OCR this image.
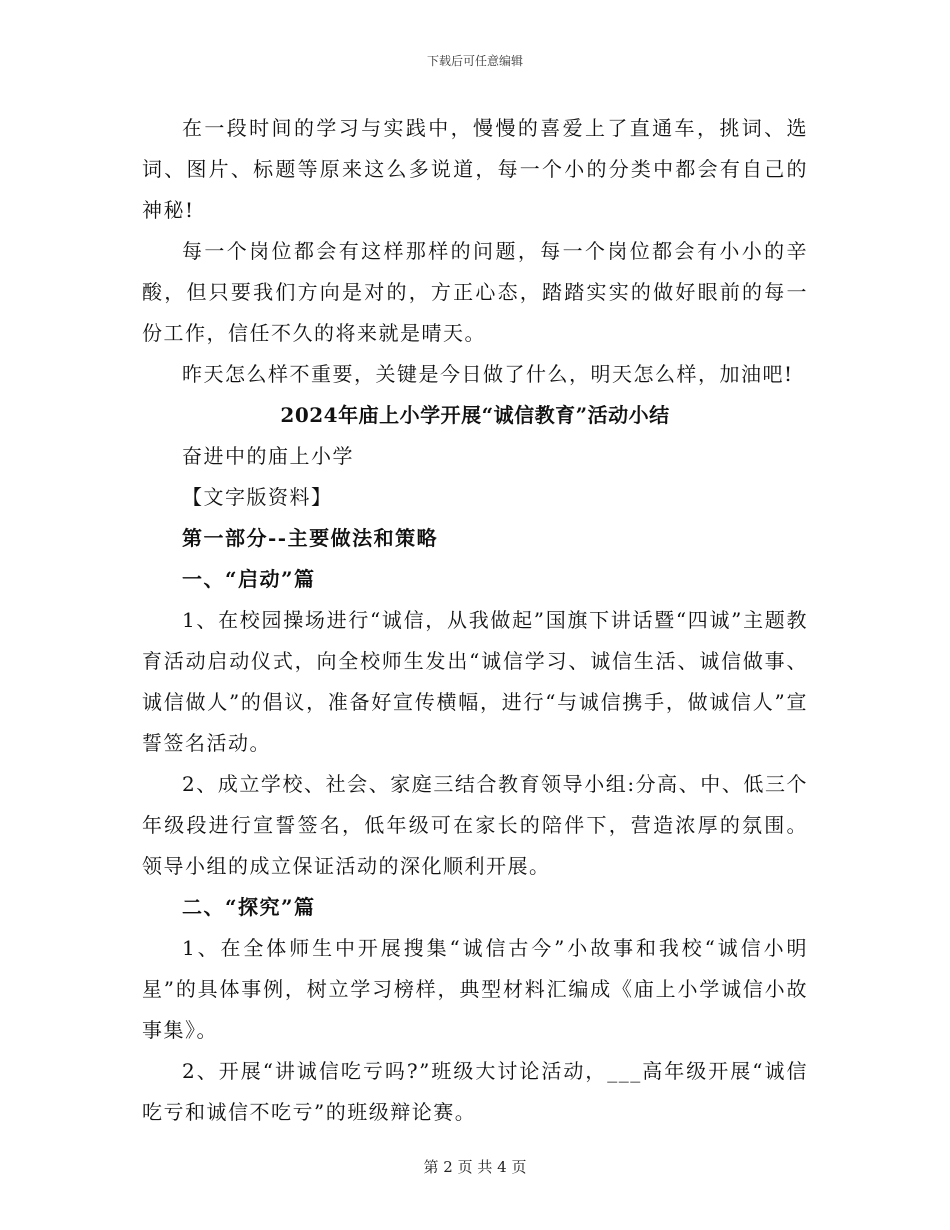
下载后可任意编辑

在一段时间的学习与实践中，慢慢的喜爱上了直通车，挑词、选词、图片、标题等原来这么多说道，每一个小的分类中都会有自己的神秘!

每一个岗位都会有这样那样的问题，每一个岗位都会有小小的辛酸，但只要我们方向是对的，方正心态，踏踏实实的做好眼前的每一份工作，信任不久的将来就是晴天。

昨天怎么样不重要，关键是今日做了什么，明天怎么样，加油吧!

2024年庙上小学开展“诚信教育”活动小结

奋进中的庙上小学

【文字版资料】

第一部分--主要做法和策略

一、“启动”篇

1、在校园操场进行“诚信，从我做起”国旗下讲话暨“四诚”主题教育活动启动仪式，向全校师生发出“诚信学习、诚信生活、诚信做事、诚信做人”的倡议，准备好宣传横幅，进行“与诚信携手，做诚信人”宣誓签名活动。

2、成立学校、社会、家庭三结合教育领导小组:分高、中、低三个年级段进行宣誓签名，低年级可在家长的陪伴下，营造浓厚的氛围。领导小组的成立保证活动的深化顺利开展。

二、“探究”篇

1、在全体师生中开展搜集“诚信古今”小故事和我校“诚信小明星”的具体事例，树立学习榜样，典型材料汇编成《庙上小学诚信小故事集》。

2、开展“讲诚信吃亏吗?”班级大讨论活动，___高年级开展“诚信吃亏和诚信不吃亏”的班级辩论赛。

第 2 页 共 4 页
